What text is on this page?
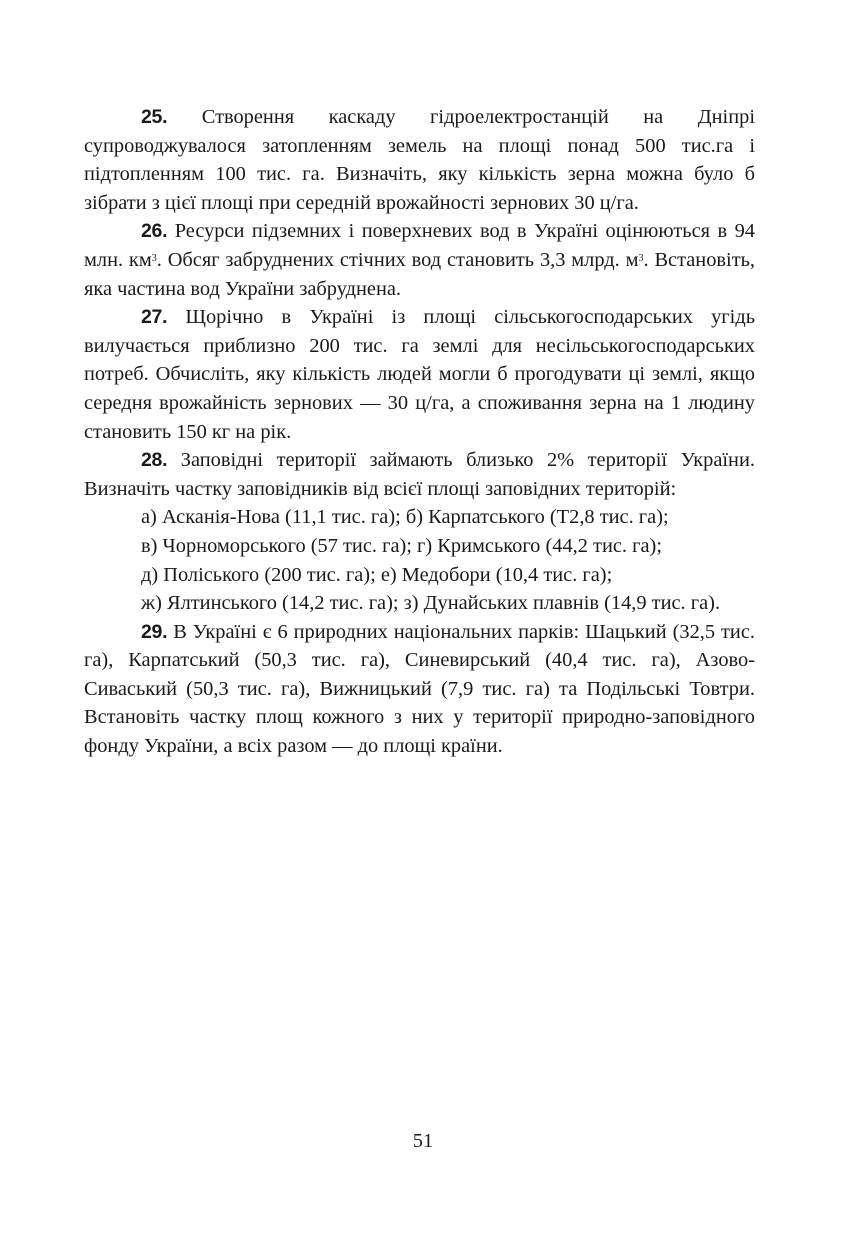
25. Створення каскаду гідроелектростанцій на Дніпрі супроводжувалося затопленням земель на площі понад 500 тис.га і підтопленням 100 тис. га. Визначіть, яку кількість зерна можна було б зібрати з цієї площі при середній врожайності зернових 30 ц/га.

26. Ресурси підземних і поверхневих вод в Україні оцінюються в 94 млн. $км^3$. Обсяг забруднених стічних вод становить 3,3 млрд. $м^3$. Встановіть, яка частина вод України забруднена.

27. Щорічно в Україні із площі сільськогосподарських угідь вилучається приблизно 200 тис. га землі для несільськогосподарських потреб. Обчисліть, яку кількість людей могли б прогодувати ці землі, якщо середня врожайність зернових — 30 ц/га, а споживання зерна на 1 людину становить 150 кг на рік.

28. Заповідні території займають близько 2% території України. Визначіть частку заповідників від всієї площі заповідних територій:

а) Асканія-Нова (11,1 тис. га); б) Карпатського (Т2,8 тис. га);

в) Чорноморського (57 тис. га); г) Кримського (44,2 тис. га);

д) Поліського (200 тис. га); е) Медобори (10,4 тис. га);

ж) Ялтинського (14,2 тис. га); з) Дунайських плавнів (14,9 тис. га).

29. В Україні є 6 природних національних парків: Шацький (32,5 тис. га), Карпатський (50,3 тис. га), Синевирський (40,4 тис. га), Азово-Сиваський (50,3 тис. га), Вижницький (7,9 тис. га) та Подільські Товтри. Встановіть частку площ кожного з них у території природно-заповідного фонду України, а всіх разом — до площі країни.

51
